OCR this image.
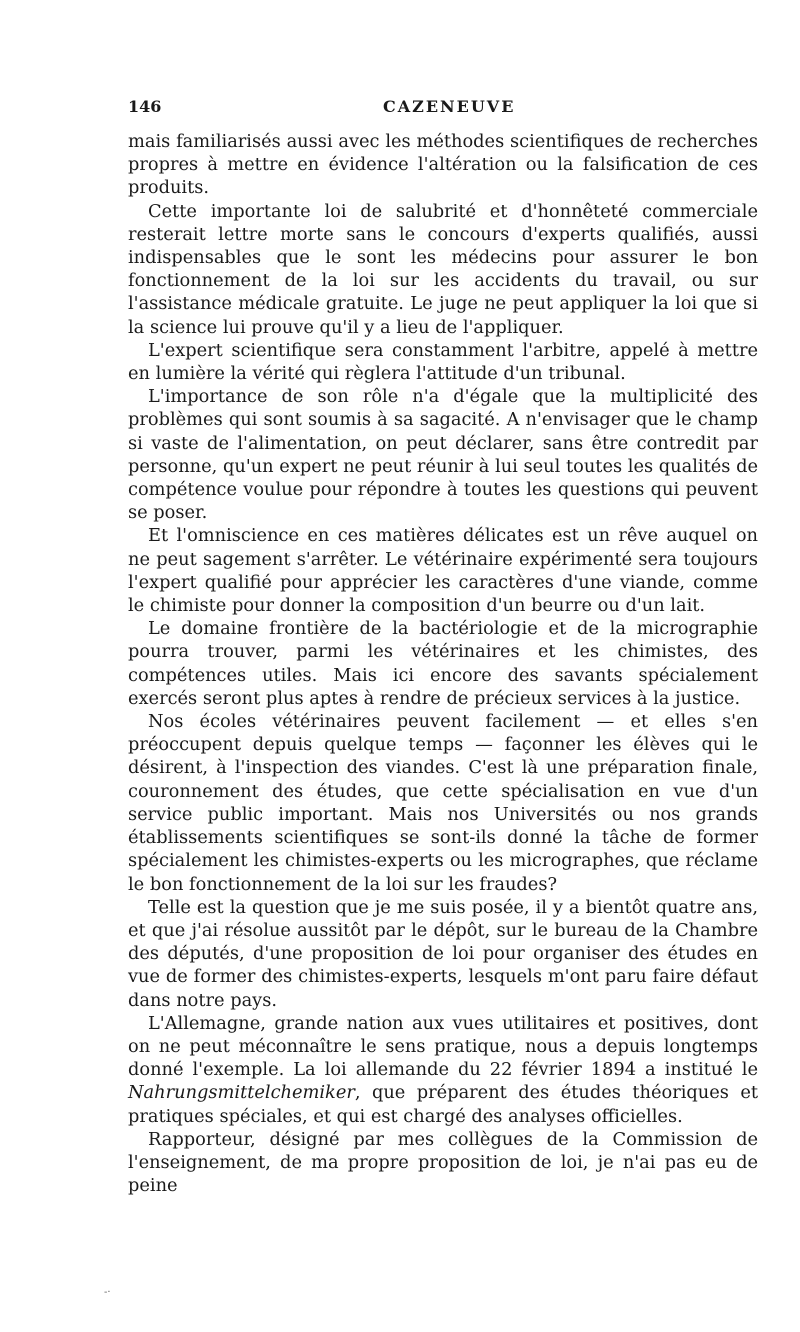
146	CAZENEUVE

mais familiarisés aussi avec les méthodes scientifiques de recherches propres à mettre en évidence l'altération ou la falsification de ces produits.

Cette importante loi de salubrité et d'honnêteté commerciale resterait lettre morte sans le concours d'experts qualifiés, aussi indispensables que le sont les médecins pour assurer le bon fonctionnement de la loi sur les accidents du travail, ou sur l'assistance médicale gratuite. Le juge ne peut appliquer la loi que si la science lui prouve qu'il y a lieu de l'appliquer.

L'expert scientifique sera constamment l'arbitre, appelé à mettre en lumière la vérité qui règlera l'attitude d'un tribunal.

L'importance de son rôle n'a d'égale que la multiplicité des problèmes qui sont soumis à sa sagacité. A n'envisager que le champ si vaste de l'alimentation, on peut déclarer, sans être contredit par personne, qu'un expert ne peut réunir à lui seul toutes les qualités de compétence voulue pour répondre à toutes les questions qui peuvent se poser.

Et l'omniscience en ces matières délicates est un rêve auquel on ne peut sagement s'arrêter. Le vétérinaire expérimenté sera toujours l'expert qualifié pour apprécier les caractères d'une viande, comme le chimiste pour donner la composition d'un beurre ou d'un lait.

Le domaine frontière de la bactériologie et de la micrographie pourra trouver, parmi les vétérinaires et les chimistes, des compétences utiles. Mais ici encore des savants spécialement exercés seront plus aptes à rendre de précieux services à la justice.

Nos écoles vétérinaires peuvent facilement — et elles s'en préoccupent depuis quelque temps — façonner les élèves qui le désirent, à l'inspection des viandes. C'est là une préparation finale, couronnement des études, que cette spécialisation en vue d'un service public important. Mais nos Universités ou nos grands établissements scientifiques se sont-ils donné la tâche de former spécialement les chimistes-experts ou les micrographes, que réclame le bon fonctionnement de la loi sur les fraudes?

Telle est la question que je me suis posée, il y a bientôt quatre ans, et que j'ai résolue aussitôt par le dépôt, sur le bureau de la Chambre des députés, d'une proposition de loi pour organiser des études en vue de former des chimistes-experts, lesquels m'ont paru faire défaut dans notre pays.

L'Allemagne, grande nation aux vues utilitaires et positives, dont on ne peut méconnaître le sens pratique, nous a depuis longtemps donné l'exemple. La loi allemande du 22 février 1894 a institué le Nahrungsmittelchemiker, que préparent des études théoriques et pratiques spéciales, et qui est chargé des analyses officielles.

Rapporteur, désigné par mes collègues de la Commission de l'enseignement, de ma propre proposition de loi, je n'ai pas eu de peine

-·
